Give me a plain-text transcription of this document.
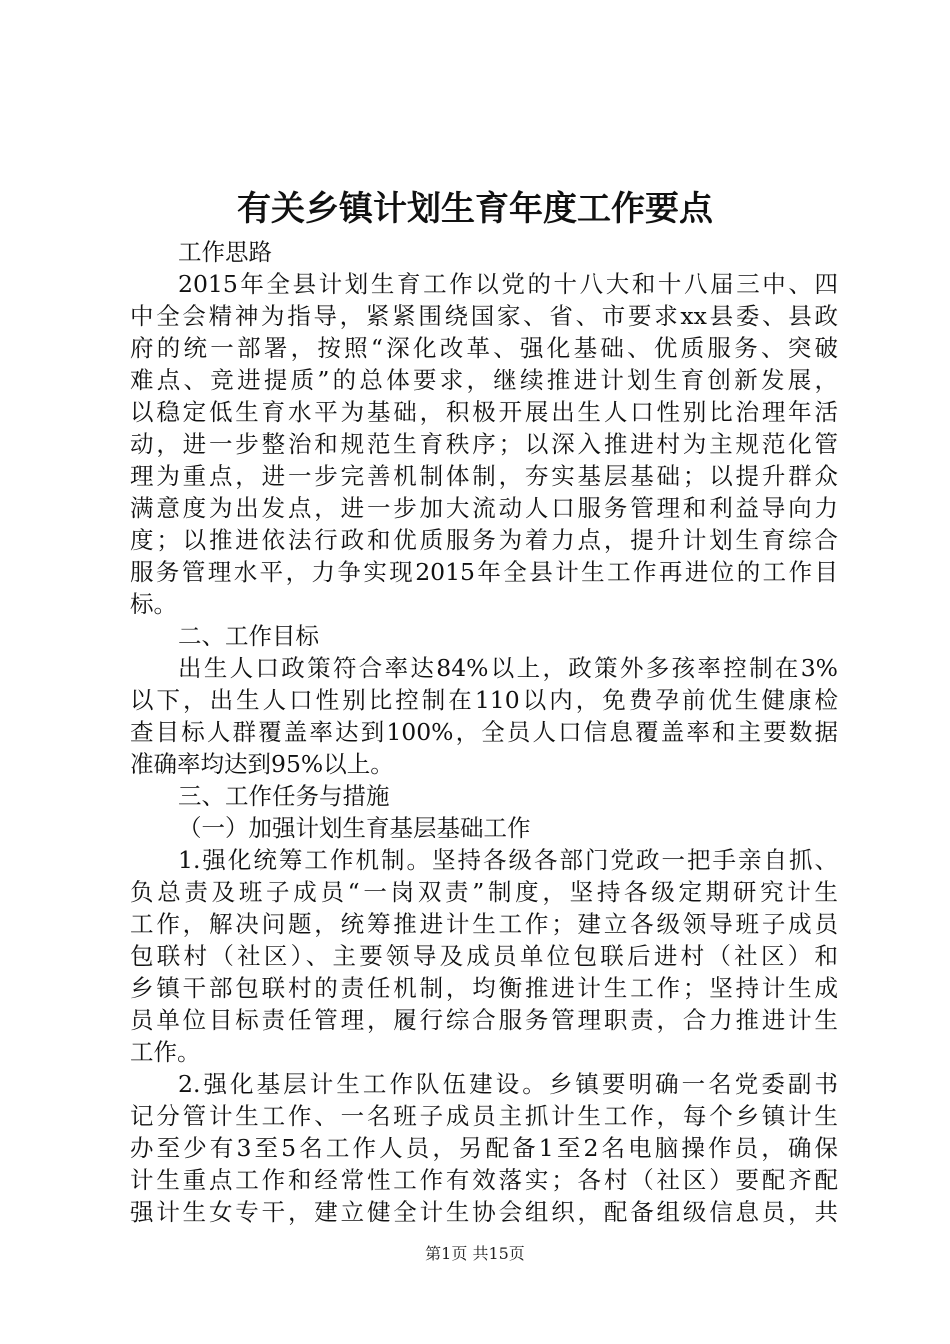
有关乡镇计划生育年度工作要点
工作思路
2015年全县计划生育工作以党的十八大和十八届三中、四
中全会精神为指导，紧紧围绕国家、省、市要求xx县委、县政
府的统一部署，按照“深化改革、强化基础、优质服务、突破
难点、竞进提质”的总体要求，继续推进计划生育创新发展，
以稳定低生育水平为基础，积极开展出生人口性别比治理年活
动，进一步整治和规范生育秩序；以深入推进村为主规范化管
理为重点，进一步完善机制体制，夯实基层基础；以提升群众
满意度为出发点，进一步加大流动人口服务管理和利益导向力
度；以推进依法行政和优质服务为着力点，提升计划生育综合
服务管理水平，力争实现2015年全县计生工作再进位的工作目
标。
二、工作目标
出生人口政策符合率达84%以上，政策外多孩率控制在3%
以下，出生人口性别比控制在110以内，免费孕前优生健康检
查目标人群覆盖率达到100%，全员人口信息覆盖率和主要数据
准确率均达到95%以上。
三、工作任务与措施
（一）加强计划生育基层基础工作
1.强化统筹工作机制。坚持各级各部门党政一把手亲自抓、
负总责及班子成员“一岗双责”制度，坚持各级定期研究计生
工作，解决问题，统筹推进计生工作；建立各级领导班子成员
包联村（社区）、主要领导及成员单位包联后进村（社区）和
乡镇干部包联村的责任机制，均衡推进计生工作；坚持计生成
员单位目标责任管理，履行综合服务管理职责，合力推进计生
工作。
2.强化基层计生工作队伍建设。乡镇要明确一名党委副书
记分管计生工作、一名班子成员主抓计生工作，每个乡镇计生
办至少有3至5名工作人员，另配备1至2名电脑操作员，确保
计生重点工作和经常性工作有效落实；各村（社区）要配齐配
强计生女专干，建立健全计生协会组织，配备组级信息员，共
第1页 共15页
